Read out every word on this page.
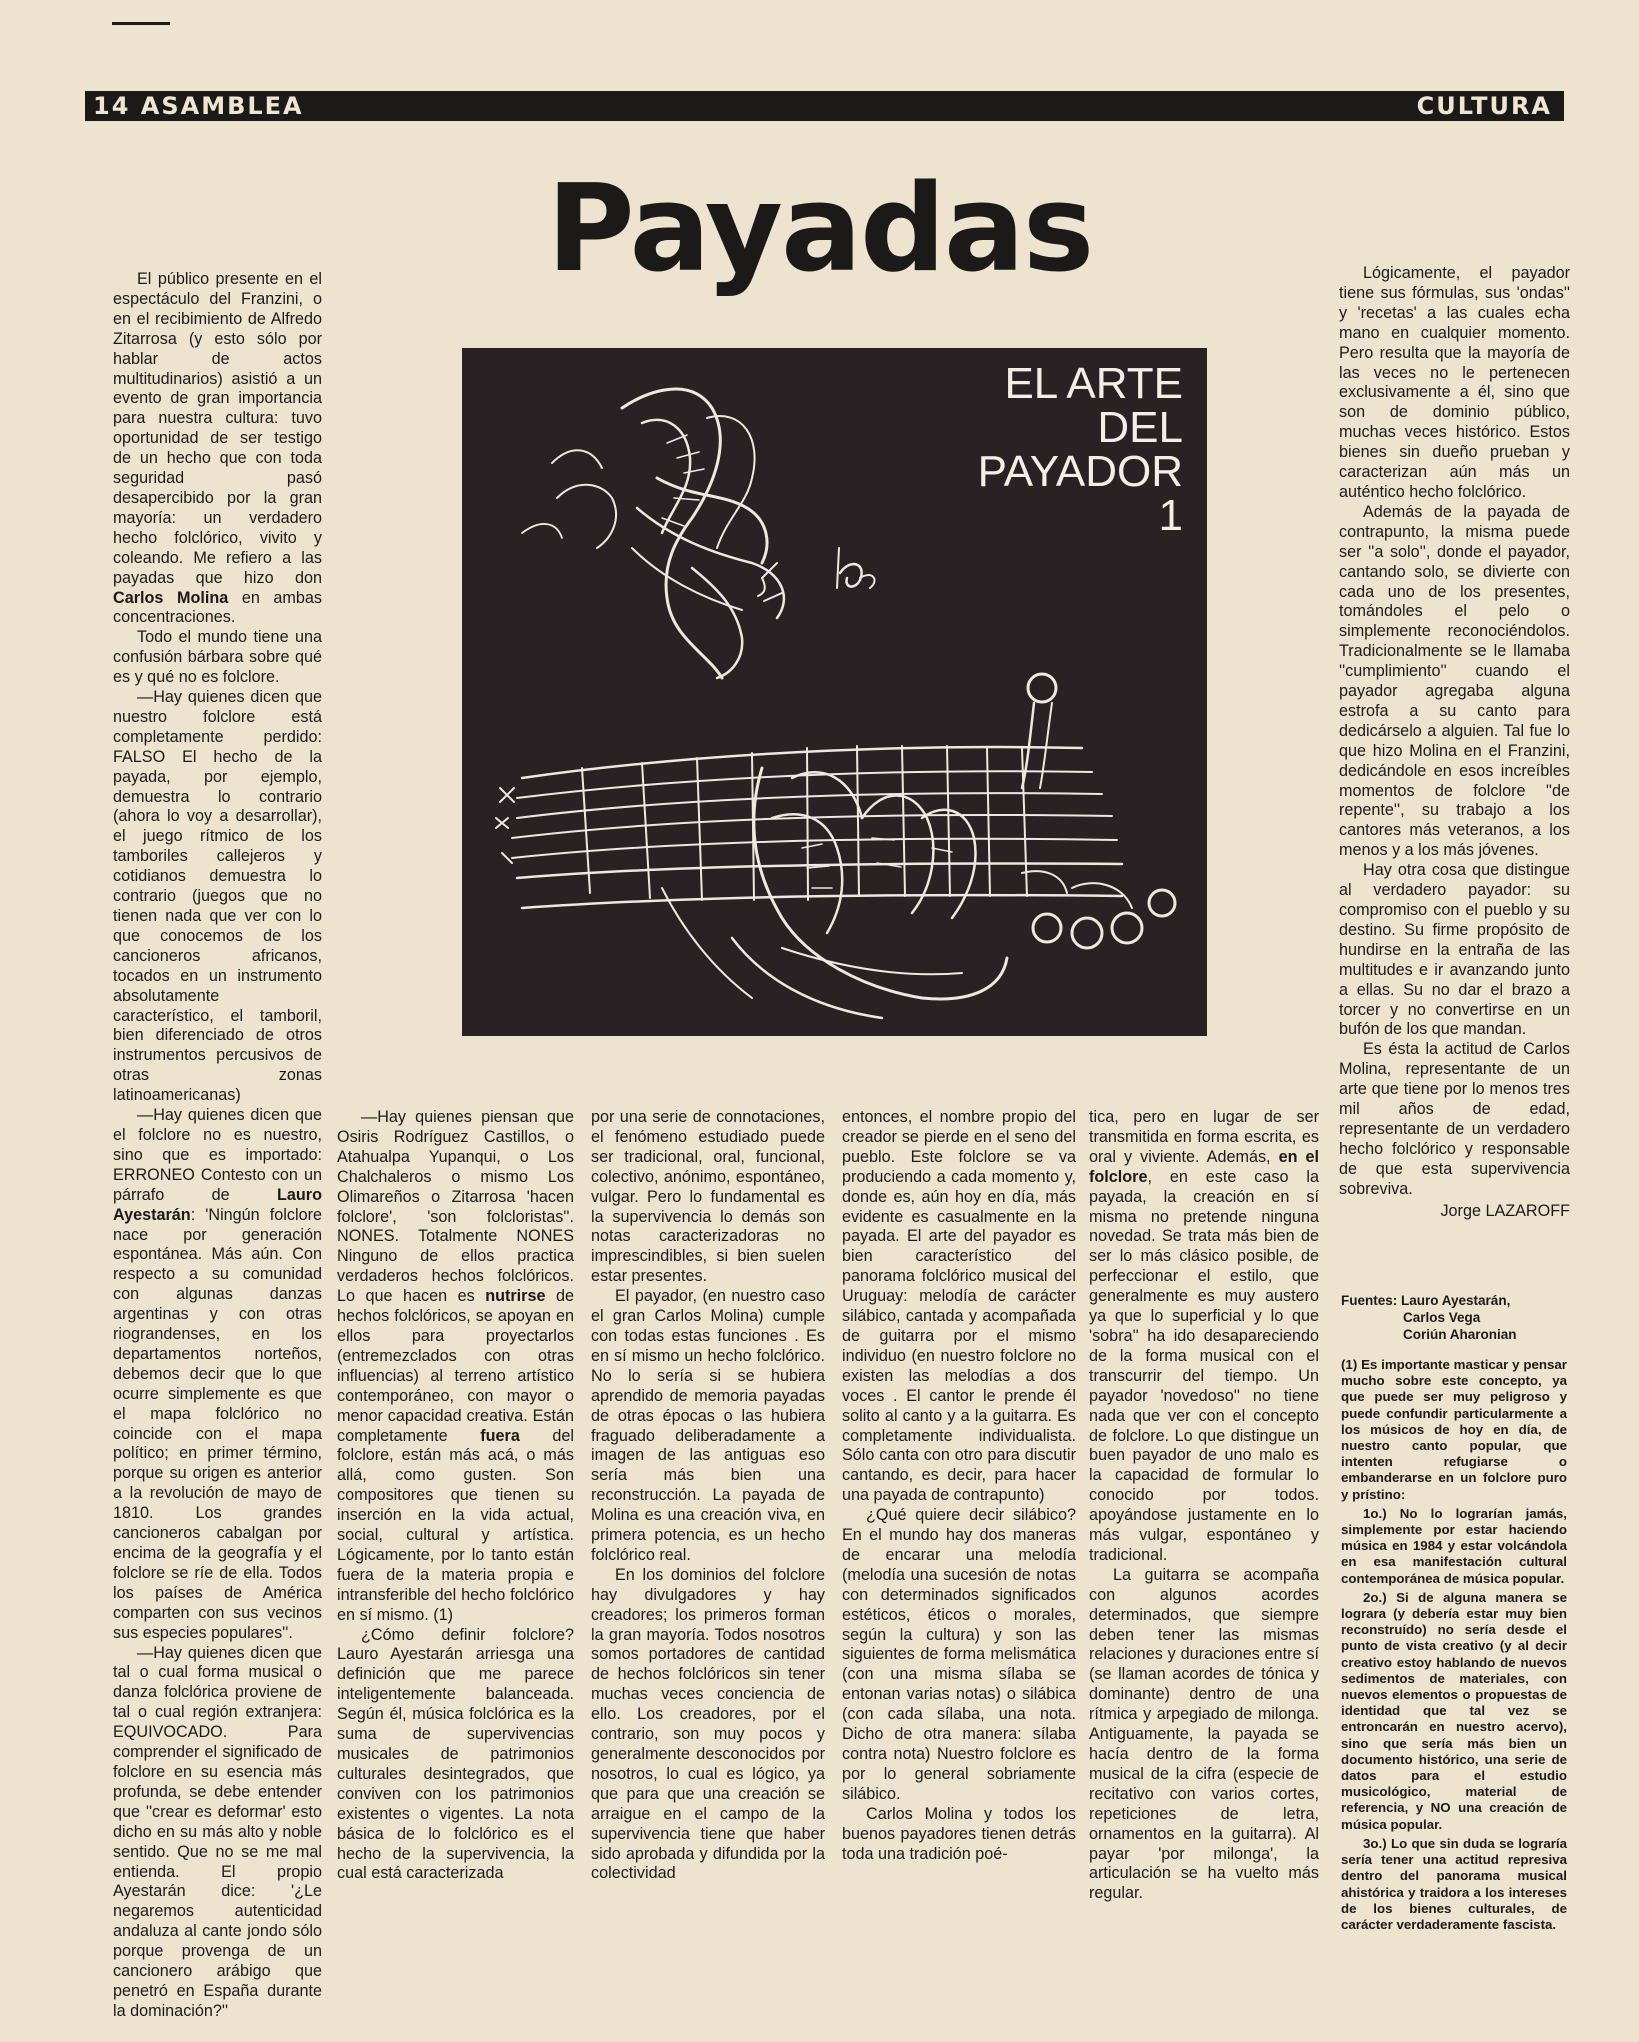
14 ASAMBLEA	CULTURA
Payadas
EL ARTE
DEL
PAYADOR
1

El público presente en el espectáculo del Franzini, o en el recibimiento de Alfredo Zitarrosa (y esto sólo por hablar de actos multitudinarios) asistió a un evento de gran importancia para nuestra cultura: tuvo oportunidad de ser testigo de un hecho que con toda seguridad pasó desapercibido por la gran mayoría: un verdadero hecho folclórico, vivito y coleando. Me refiero a las payadas que hizo don Carlos Molina en ambas concentraciones.

Todo el mundo tiene una confusión bárbara sobre qué es y qué no es folclore.

—Hay quienes dicen que nuestro folclore está completamente perdido: FALSO El hecho de la payada, por ejemplo, demuestra lo contrario (ahora lo voy a desarrollar), el juego rítmico de los tamboriles callejeros y cotidianos demuestra lo contrario (juegos que no tienen nada que ver con lo que conocemos de los cancioneros africanos, tocados en un instrumento absolutamente característico, el tamboril, bien diferenciado de otros instrumentos percusivos de otras zonas latinoamericanas)

—Hay quienes dicen que el folclore no es nuestro, sino que es importado: ERRONEO Contesto con un párrafo de Lauro Ayestarán: 'Ningún folclore nace por generación espontánea. Más aún. Con respecto a su comunidad con algunas danzas argentinas y con otras riograndenses, en los departamentos norteños, debemos decir que lo que ocurre simplemente es que el mapa folclórico no coincide con el mapa político; en primer término, porque su origen es anterior a la revolución de mayo de 1810. Los grandes cancioneros cabalgan por encima de la geografía y el folclore se ríe de ella. Todos los países de América comparten con sus vecinos sus especies populares''.

—Hay quienes dicen que tal o cual forma musical o danza folclórica proviene de tal o cual región extranjera: EQUIVOCADO. Para comprender el significado de folclore en su esencia más profunda, se debe entender que ''crear es deformar' esto dicho en su más alto y noble sentido. Que no se me mal entienda. El propio Ayestarán dice: '¿Le negaremos autenticidad andaluza al cante jondo sólo porque provenga de un cancionero arábigo que penetró en España durante la dominación?''

—Hay quienes piensan que Osiris Rodríguez Castillos, o Atahualpa Yupanqui, o Los Chalchaleros o mismo Los Olimareños o Zitarrosa 'hacen folclore', 'son folcloristas''. NONES. Totalmente NONES Ninguno de ellos practica verdaderos hechos folclóricos. Lo que hacen es nutrirse de hechos folclóricos, se apoyan en ellos para proyectarlos (entremezclados con otras influencias) al terreno artístico contemporáneo, con mayor o menor capacidad creativa. Están completamente fuera del folclore, están más acá, o más allá, como gusten. Son compositores que tienen su inserción en la vida actual, social, cultural y artística. Lógicamente, por lo tanto están fuera de la materia propia e intransferible del hecho folclórico en sí mismo. (1)

¿Cómo definir folclore? Lauro Ayestarán arriesga una definición que me parece inteligentemente balanceada. Según él, música folclórica es la suma de supervivencias musicales de patrimonios culturales desintegrados, que conviven con los patrimonios existentes o vigentes. La nota básica de lo folclórico es el hecho de la supervivencia, la cual está caracterizada

por una serie de connotaciones, el fenómeno estudiado puede ser tradicional, oral, funcional, colectivo, anónimo, espontáneo, vulgar. Pero lo fundamental es la supervivencia lo demás son notas caracterizadoras no imprescindibles, si bien suelen estar presentes.

El payador, (en nuestro caso el gran Carlos Molina) cumple con todas estas funciones . Es en sí mismo un hecho folclórico. No lo sería si se hubiera aprendido de memoria payadas de otras épocas o las hubiera fraguado deliberadamente a imagen de las antiguas eso sería más bien una reconstrucción. La payada de Molina es una creación viva, en primera potencia, es un hecho folclórico real.

En los dominios del folclore hay divulgadores y hay creadores; los primeros forman la gran mayoría. Todos nosotros somos portadores de cantidad de hechos folclóricos sin tener muchas veces conciencia de ello. Los creadores, por el contrario, son muy pocos y generalmente desconocidos por nosotros, lo cual es lógico, ya que para que una creación se arraigue en el campo de la supervivencia tiene que haber sido aprobada y difundida por la colectividad

entonces, el nombre propio del creador se pierde en el seno del pueblo. Este folclore se va produciendo a cada momento y, donde es, aún hoy en día, más evidente es casualmente en la payada. El arte del payador es bien característico del panorama folclórico musical del Uruguay: melodía de carácter silábico, cantada y acompañada de guitarra por el mismo individuo (en nuestro folclore no existen las melodías a dos voces . El cantor le prende él solito al canto y a la guitarra. Es completamente individualista. Sólo canta con otro para discutir cantando, es decir, para hacer una payada de contrapunto)

¿Qué quiere decir silábico? En el mundo hay dos maneras de encarar una melodía (melodía una sucesión de notas con determinados significados estéticos, éticos o morales, según la cultura) y son las siguientes de forma melismática (con una misma sílaba se entonan varias notas) o silábica (con cada sílaba, una nota. Dicho de otra manera: sílaba contra nota) Nuestro folclore es por lo general sobriamente silábico.

Carlos Molina y todos los buenos payadores tienen detrás toda una tradición poé-

tica, pero en lugar de ser transmitida en forma escrita, es oral y viviente. Además, en el folclore, en este caso la payada, la creación en sí misma no pretende ninguna novedad. Se trata más bien de ser lo más clásico posible, de perfeccionar el estilo, que generalmente es muy austero ya que lo superficial y lo que 'sobra'' ha ido desapareciendo de la forma musical con el transcurrir del tiempo. Un payador 'novedoso'' no tiene nada que ver con el concepto de folclore. Lo que distingue un buen payador de uno malo es la capacidad de formular lo conocido por todos. apoyándose justamente en lo más vulgar, espontáneo y tradicional.

La guitarra se acompaña con algunos acordes determinados, que siempre deben tener las mismas relaciones y duraciones entre sí (se llaman acordes de tónica y dominante) dentro de una rítmica y arpegiado de milonga. Antiguamente, la payada se hacía dentro de la forma musical de la cifra (especie de recitativo con varios cortes, repeticiones de letra, ornamentos en la guitarra). Al payar 'por milonga', la articulación se ha vuelto más regular.

Lógicamente, el payador tiene sus fórmulas, sus 'ondas'' y 'recetas' a las cuales echa mano en cualquier momento. Pero resulta que la mayoría de las veces no le pertenecen exclusivamente a él, sino que son de dominio público, muchas veces histórico. Estos bienes sin dueño prueban y caracterizan aún más un auténtico hecho folclórico.

Además de la payada de contrapunto, la misma puede ser ''a solo'', donde el payador, cantando solo, se divierte con cada uno de los presentes, tomándoles el pelo o simplemente reconociéndolos. Tradicionalmente se le llamaba ''cumplimiento'' cuando el payador agregaba alguna estrofa a su canto para dedicárselo a alguien. Tal fue lo que hizo Molina en el Franzini, dedicándole en esos increíbles momentos de folclore ''de repente'', su trabajo a los cantores más veteranos, a los menos y a los más jóvenes.

Hay otra cosa que distingue al verdadero payador: su compromiso con el pueblo y su destino. Su firme propósito de hundirse en la entraña de las multitudes e ir avanzando junto a ellas. Su no dar el brazo a torcer y no convertirse en un bufón de los que mandan.

Es ésta la actitud de Carlos Molina, representante de un arte que tiene por lo menos tres mil años de edad, representante de un verdadero hecho folclórico y responsable de que esta supervivencia sobreviva.

Jorge LAZAROFF
Fuentes: Lauro Ayestarán,
Carlos Vega
Coriún Aharonian

(1) Es importante masticar y pensar mucho sobre este concepto, ya que puede ser muy peligroso y puede confundir particularmente a los músicos de hoy en día, de nuestro canto popular, que intenten refugiarse o embanderarse en un folclore puro y prístino:

1o.) No lo lograrían jamás, simplemente por estar haciendo música en 1984 y estar volcándola en esa manifestación cultural contemporánea de música popular.

2o.) Si de alguna manera se lograra (y debería estar muy bien reconstruído) no sería desde el punto de vista creativo (y al decir creativo estoy hablando de nuevos sedimentos de materiales, con nuevos elementos o propuestas de identidad que tal vez se entroncarán en nuestro acervo), sino que sería más bien un documento histórico, una serie de datos para el estudio musicológico, material de referencia, y NO una creación de música popular.

3o.) Lo que sin duda se lograría sería tener una actitud represiva dentro del panorama musical ahistórica y traidora a los intereses de los bienes culturales, de carácter verdaderamente fascista.
